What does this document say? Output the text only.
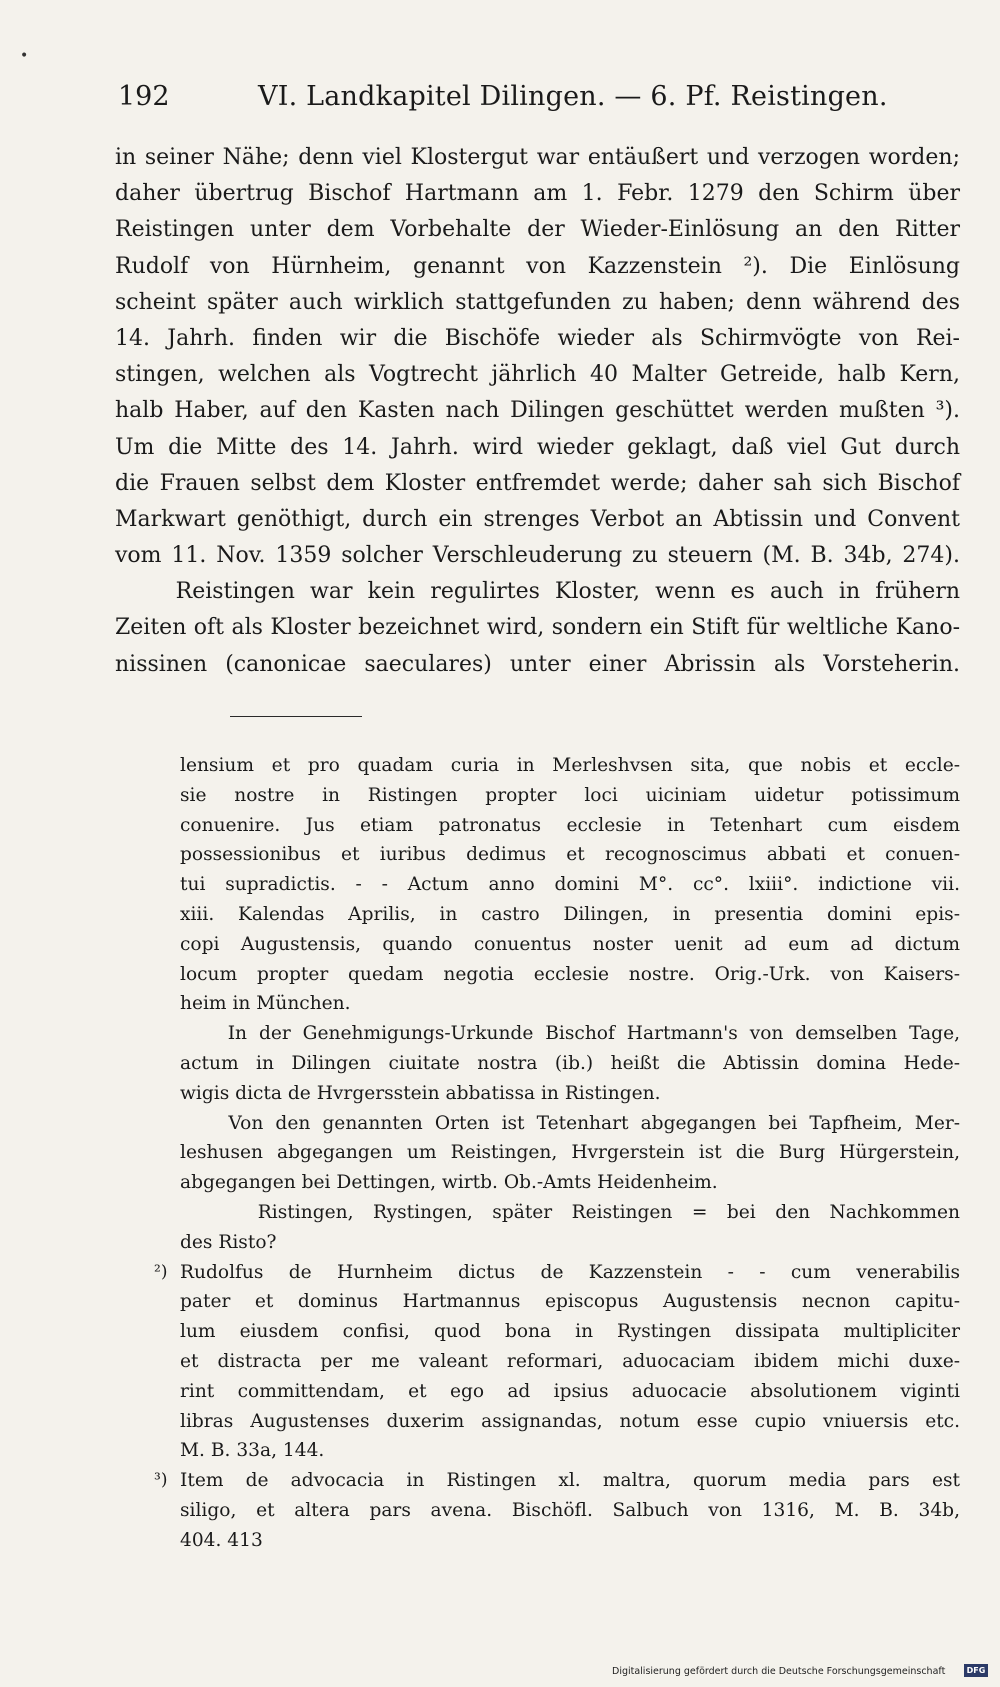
192	VI. Landkapitel Dilingen. — 6. Pf. Reistingen.
in seiner Nähe; denn viel Klostergut war entäußert und verzogen worden;
daher übertrug Bischof Hartmann am 1. Febr. 1279 den Schirm über
Reistingen unter dem Vorbehalte der Wieder-Einlösung an den Ritter
Rudolf von Hürnheim, genannt von Kazzenstein ²). Die Einlösung
scheint später auch wirklich stattgefunden zu haben; denn während des
14. Jahrh. finden wir die Bischöfe wieder als Schirmvögte von Rei-
stingen, welchen als Vogtrecht jährlich 40 Malter Getreide, halb Kern,
halb Haber, auf den Kasten nach Dilingen geschüttet werden mußten ³).
Um die Mitte des 14. Jahrh. wird wieder geklagt, daß viel Gut durch
die Frauen selbst dem Kloster entfremdet werde; daher sah sich Bischof
Markwart genöthigt, durch ein strenges Verbot an Abtissin und Convent
vom 11. Nov. 1359 solcher Verschleuderung zu steuern (M. B. 34b, 274).
Reistingen war kein regulirtes Kloster, wenn es auch in frühern
Zeiten oft als Kloster bezeichnet wird, sondern ein Stift für weltliche Kano-
nissinen (canonicae saeculares) unter einer Abrissin als Vorsteherin.
lensium et pro quadam curia in Merleshvsen sita, que nobis et eccle-
sie nostre in Ristingen propter loci uiciniam uidetur potissimum
conuenire. Jus etiam patronatus ecclesie in Tetenhart cum eisdem
possessionibus et iuribus dedimus et recognoscimus abbati et conuen-
tui supradictis. - - Actum anno domini M°. cc°. lxiii°. indictione vii.
xiii. Kalendas Aprilis, in castro Dilingen, in presentia domini epis-
copi Augustensis, quando conuentus noster uenit ad eum ad dictum
locum propter quedam negotia ecclesie nostre. Orig.-Urk. von Kaisers-
heim in München.
In der Genehmigungs-Urkunde Bischof Hartmann's von demselben Tage,
actum in Dilingen ciuitate nostra (ib.) heißt die Abtissin domina Hede-
wigis dicta de Hvrgersstein abbatissa in Ristingen.
Von den genannten Orten ist Tetenhart abgegangen bei Tapfheim, Mer-
leshusen abgegangen um Reistingen, Hvrgerstein ist die Burg Hürgerstein,
abgegangen bei Dettingen, wirtb. Ob.-Amts Heidenheim.
Ristingen, Rystingen, später Reistingen = bei den Nachkommen
des Risto?
²) Rudolfus de Hurnheim dictus de Kazzenstein - - cum venerabilis
pater et dominus Hartmannus episcopus Augustensis necnon capitu-
lum eiusdem confisi, quod bona in Rystingen dissipata multipliciter
et distracta per me valeant reformari, aduocaciam ibidem michi duxe-
rint committendam, et ego ad ipsius aduocacie absolutionem viginti
libras Augustenses duxerim assignandas, notum esse cupio vniuersis etc.
M. B. 33a, 144.
³) Item de advocacia in Ristingen xl. maltra, quorum media pars est
siligo, et altera pars avena. Bischöfl. Salbuch von 1316, M. B. 34b,
404. 413
•
Digitalisierung gefördert durch die Deutsche Forschungsgemeinschaft	DFG
